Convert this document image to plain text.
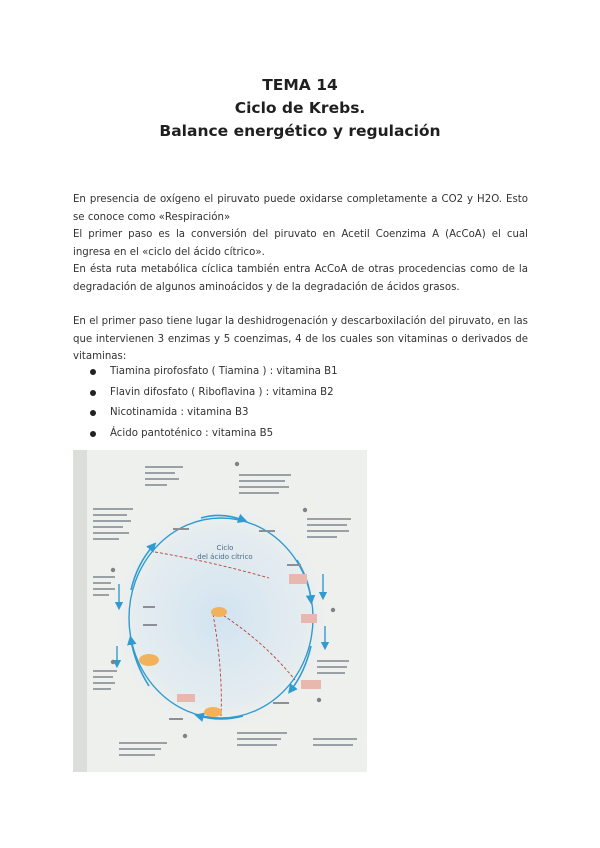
TEMA 14
Ciclo de Krebs.
Balance energético y regulación

En presencia de oxígeno el piruvato puede oxidarse completamente a CO2 y H2O. Esto se conoce como «Respiración»

El primer paso es la conversión del piruvato en Acetil Coenzima A (AcCoA) el cual ingresa en el «ciclo del ácido cítrico».

En ésta ruta metabólica cíclica también entra AcCoA de otras procedencias como de la degradación de algunos aminoácidos y de la degradación de ácidos grasos.

En el primer paso tiene lugar la deshidrogenación y descarboxilación del piruvato, en las que intervienen 3 enzimas y 5 coenzimas, 4 de los cuales son vitaminas o derivados de vitaminas:

Tiamina pirofosfato ( Tiamina ) : vitamina B1
Flavin difosfato ( Riboflavina ) : vitamina B2
Nicotinamida : vitamina B3
Ácido pantoténico : vitamina B5
Ciclo
del ácido cítrico
